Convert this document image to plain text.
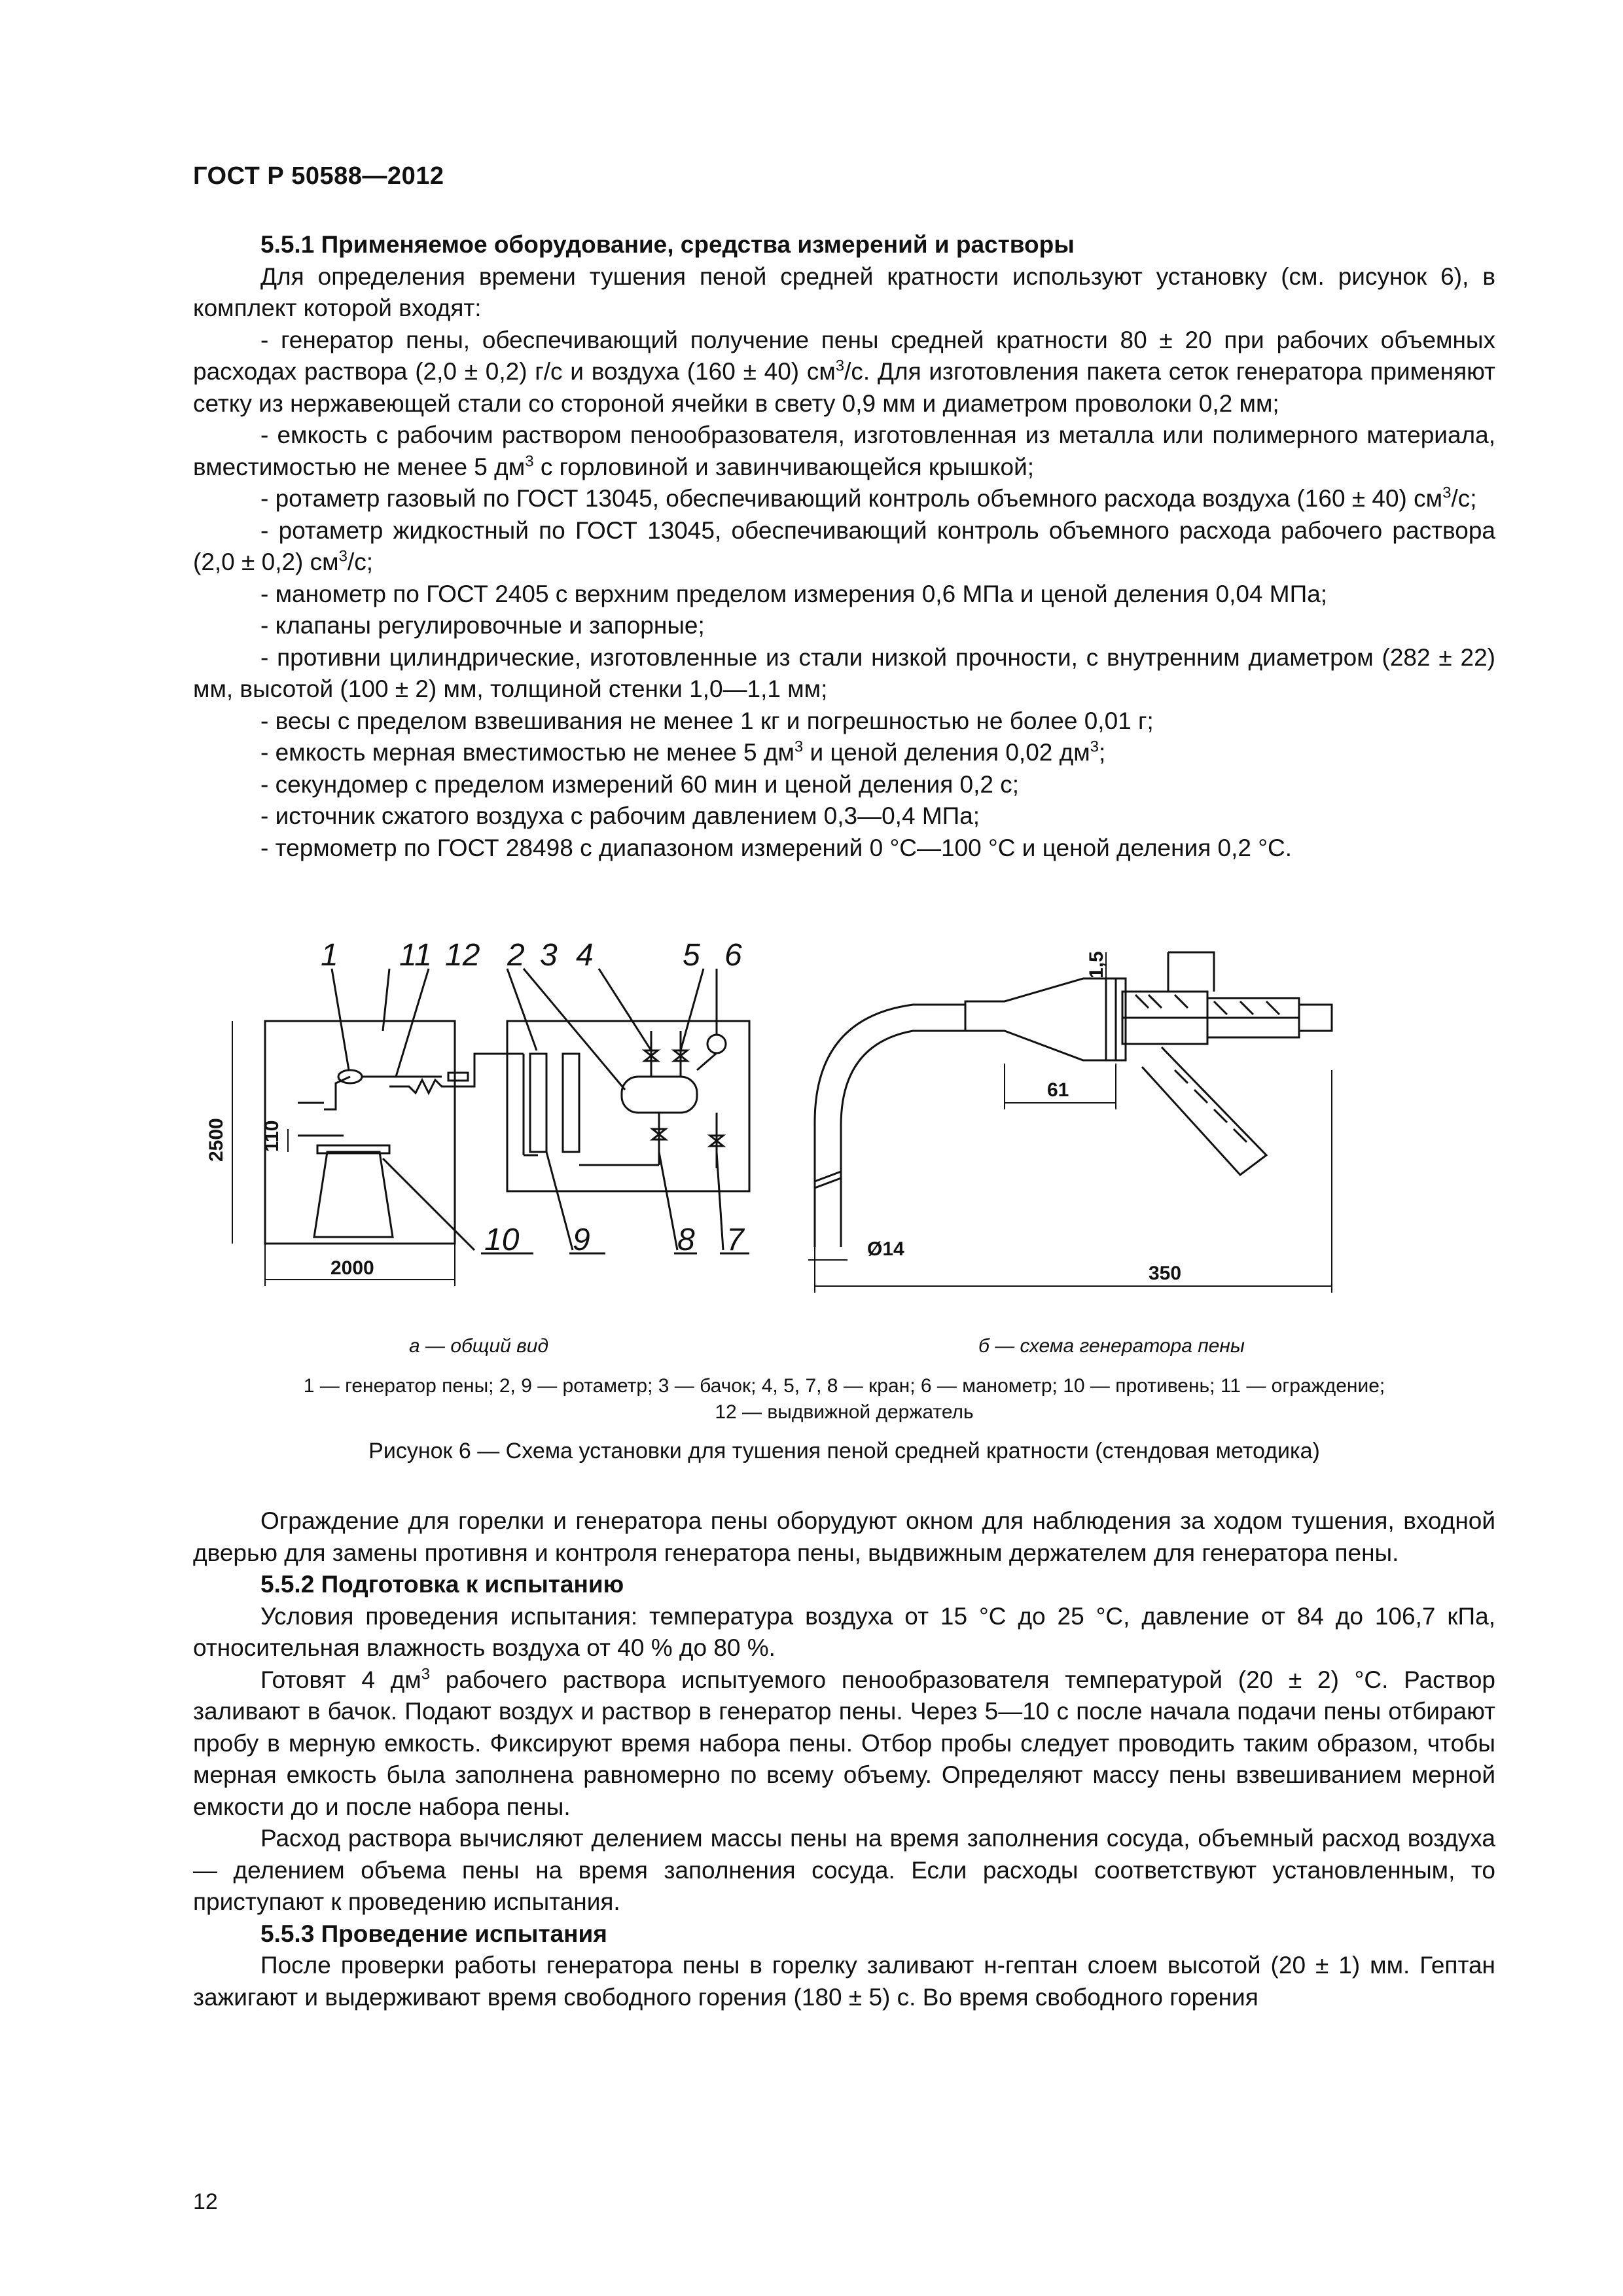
ГОСТ Р 50588—2012

5.5.1 Применяемое оборудование, средства измерений и растворы

Для определения времени тушения пеной средней кратности используют установку (см. рисунок 6), в комплект которой входят:

- генератор пены, обеспечивающий получение пены средней кратности 80 ± 20 при рабочих объемных расходах раствора (2,0 ± 0,2) г/с и воздуха (160 ± 40) $см^3/с$. Для изготовления пакета сеток генератора применяют сетку из нержавеющей стали со стороной ячейки в свету 0,9 мм и диаметром проволоки 0,2 мм;

- емкость с рабочим раствором пенообразователя, изготовленная из металла или полимерного материала, вместимостью не менее 5 $дм^3$ с горловиной и завинчивающейся крышкой;

- ротаметр газовый по ГОСТ 13045, обеспечивающий контроль объемного расхода воздуха (160 ± 40) $см^3/с$;

- ротаметр жидкостный по ГОСТ 13045, обеспечивающий контроль объемного расхода рабочего раствора (2,0 ± 0,2) $см^3/с$;

- манометр по ГОСТ 2405 с верхним пределом измерения 0,6 МПа и ценой деления 0,04 МПа;

- клапаны регулировочные и запорные;

- противни цилиндрические, изготовленные из стали низкой прочности, с внутренним диаметром (282 ± 22) мм, высотой (100 ± 2) мм, толщиной стенки 1,0—1,1 мм;

- весы с пределом взвешивания не менее 1 кг и погрешностью не более 0,01 г;

- емкость мерная вместимостью не менее 5 $дм^3$ и ценой деления 0,02 $дм^3$;

- секундомер с пределом измерений 60 мин и ценой деления 0,2 с;

- источник сжатого воздуха с рабочим давлением 0,3—0,4 МПа;

- термометр по ГОСТ 28498 с диапазоном измерений 0 °С—100 °С и ценой деления 0,2 °С.

1 11 12 2 3 4	5 6
10 9	8 7
2500 110
2000
1,5
61
Ø14
350
а — общий вид	б — схема генератора пены
1 — генератор пены; 2, 9 — ротаметр; 3 — бачок; 4, 5, 7, 8 — кран; 6 — манометр; 10 — противень; 11 — ограждение;
12 — выдвижной держатель
Рисунок 6 — Схема установки для тушения пеной средней кратности (стендовая методика)

Ограждение для горелки и генератора пены оборудуют окном для наблюдения за ходом тушения, входной дверью для замены противня и контроля генератора пены, выдвижным держателем для генератора пены.

5.5.2 Подготовка к испытанию

Условия проведения испытания: температура воздуха от 15 °С до 25 °С, давление от 84 до 106,7 кПа, относительная влажность воздуха от 40 % до 80 %.

Готовят 4 $дм^3$ рабочего раствора испытуемого пенообразователя температурой (20 ± 2) °С. Раствор заливают в бачок. Подают воздух и раствор в генератор пены. Через 5—10 с после начала подачи пены отбирают пробу в мерную емкость. Фиксируют время набора пены. Отбор пробы следует проводить таким образом, чтобы мерная емкость была заполнена равномерно по всему объему. Определяют массу пены взвешиванием мерной емкости до и после набора пены.

Расход раствора вычисляют делением массы пены на время заполнения сосуда, объемный расход воздуха — делением объема пены на время заполнения сосуда. Если расходы соответствуют установленным, то приступают к проведению испытания.

5.5.3 Проведение испытания

После проверки работы генератора пены в горелку заливают н-гептан слоем высотой (20 ± 1) мм. Гептан зажигают и выдерживают время свободного горения (180 ± 5) с. Во время свободного горения

12
